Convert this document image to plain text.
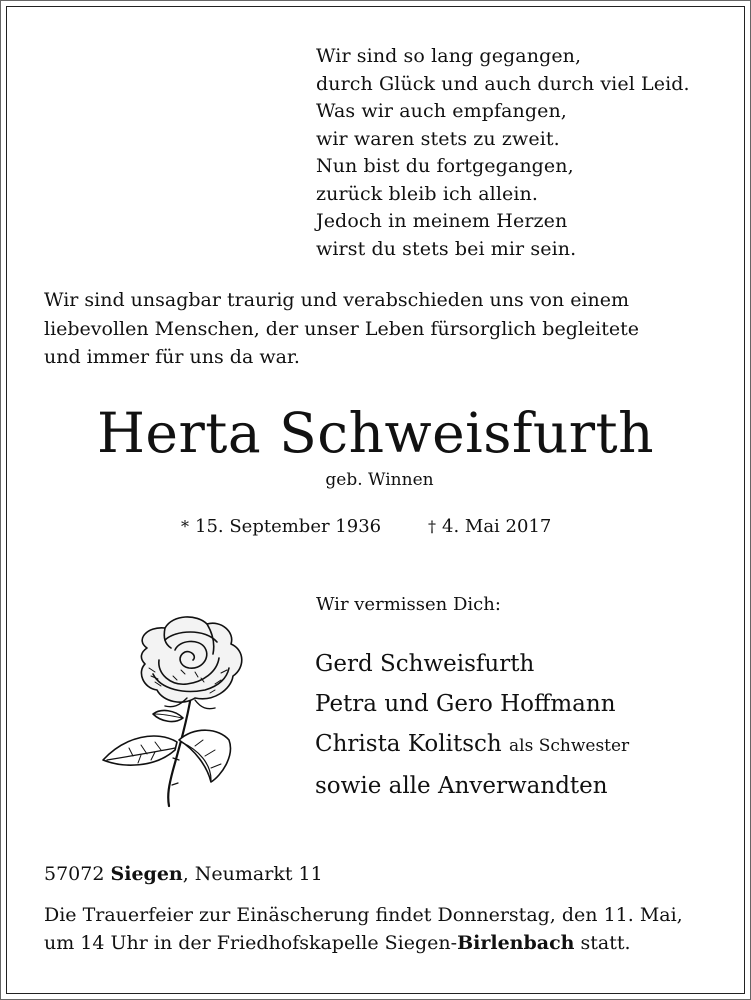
Wir sind so lang gegangen,
durch Glück und auch durch viel Leid.
Was wir auch empfangen,
wir waren stets zu zweit.
Nun bist du fortgegangen,
zurück bleib ich allein.
Jedoch in meinem Herzen
wirst du stets bei mir sein.
Wir sind unsagbar traurig und verabschieden uns von einem
liebevollen Menschen, der unser Leben fürsorglich begleitete
und immer für uns da war.
Herta Schweisfurth
geb. Winnen
* 15. September 1936	† 4. Mai 2017
Wir vermissen Dich:
Gerd Schweisfurth
Petra und Gero Hoffmann
Christa Kolitsch als Schwester
sowie alle Anverwandten
57072 Siegen, Neumarkt 11
Die Trauerfeier zur Einäscherung findet Donnerstag, den 11. Mai,
um 14 Uhr in der Friedhofskapelle Siegen-Birlenbach statt.
